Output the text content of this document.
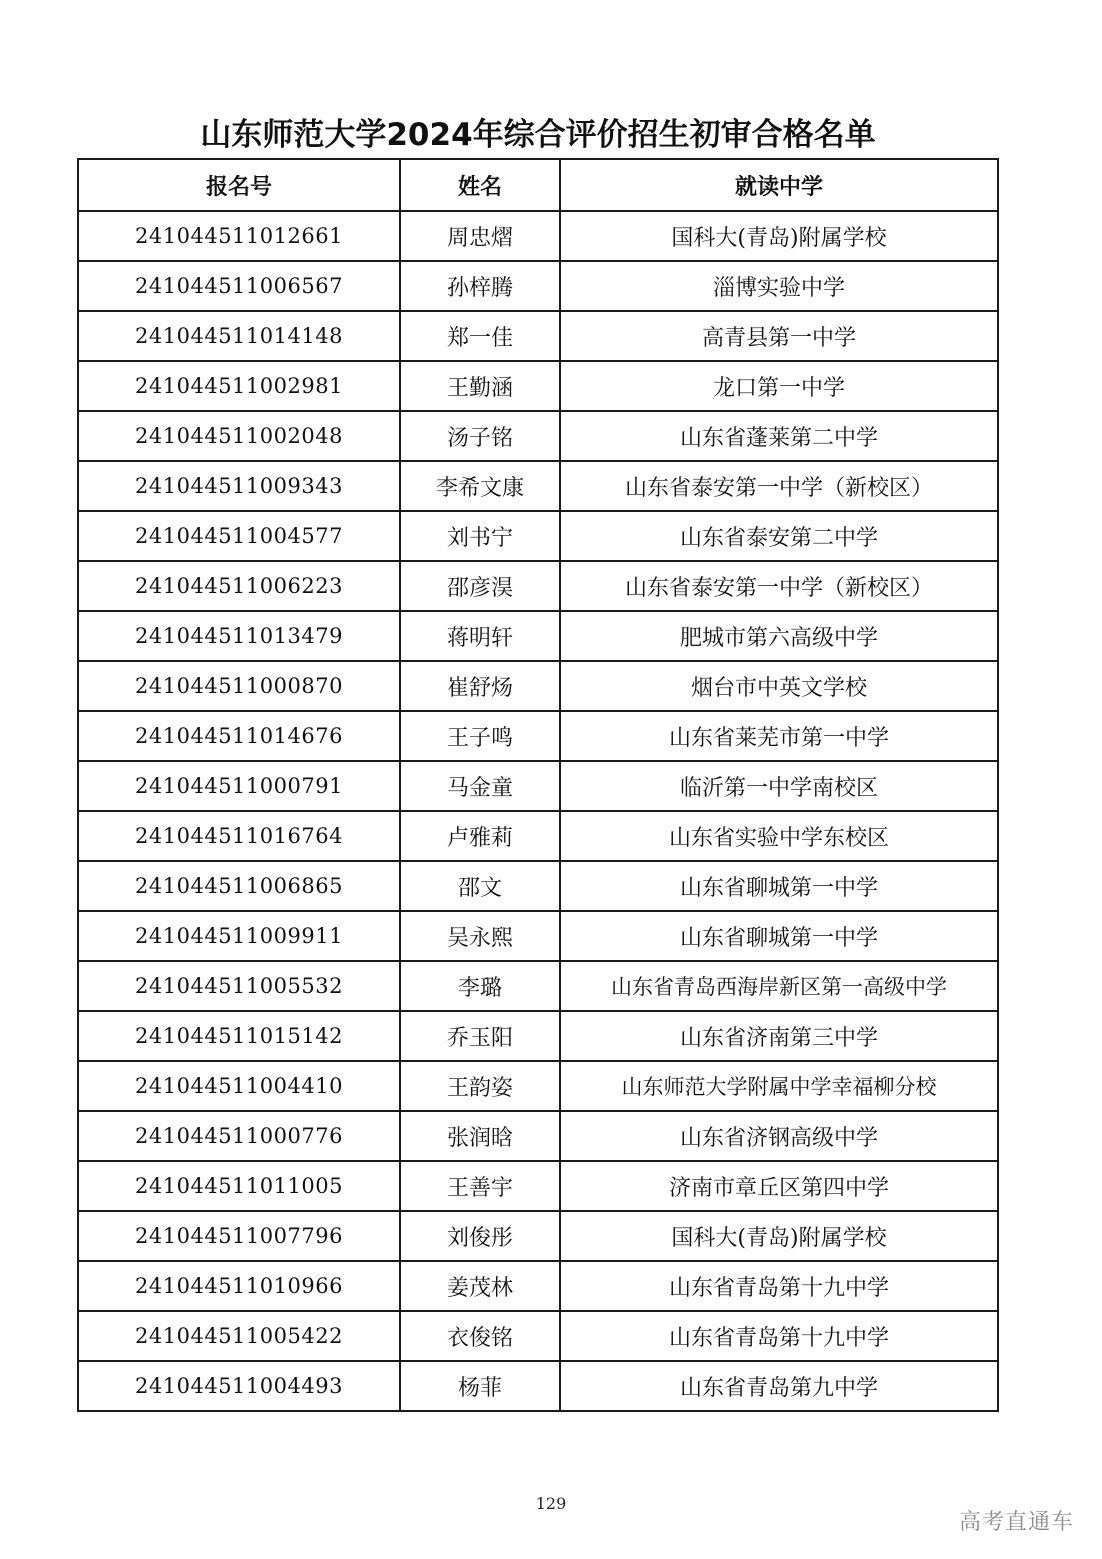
山东师范大学2024年综合评价招生初审合格名单
报名号	姓名	就读中学
241044511012661	周忠熠	国科大(青岛)附属学校
241044511006567	孙梓腾	淄博实验中学
241044511014148	郑一佳	高青县第一中学
241044511002981	王勤涵	龙口第一中学
241044511002048	汤子铭	山东省蓬莱第二中学
241044511009343	李希文康	山东省泰安第一中学（新校区）
241044511004577	刘书宁	山东省泰安第二中学
241044511006223	邵彦淏	山东省泰安第一中学（新校区）
241044511013479	蒋明轩	肥城市第六高级中学
241044511000870	崔舒炀	烟台市中英文学校
241044511014676	王子鸣	山东省莱芜市第一中学
241044511000791	马金童	临沂第一中学南校区
241044511016764	卢雅莉	山东省实验中学东校区
241044511006865	邵文	山东省聊城第一中学
241044511009911	吴永熙	山东省聊城第一中学
241044511005532	李璐	山东省青岛西海岸新区第一高级中学
241044511015142	乔玉阳	山东省济南第三中学
241044511004410	王韵姿	山东师范大学附属中学幸福柳分校
241044511000776	张润晗	山东省济钢高级中学
241044511011005	王善宇	济南市章丘区第四中学
241044511007796	刘俊彤	国科大(青岛)附属学校
241044511010966	姜茂林	山东省青岛第十九中学
241044511005422	衣俊铭	山东省青岛第十九中学
241044511004493	杨菲	山东省青岛第九中学
129
高考直通车
